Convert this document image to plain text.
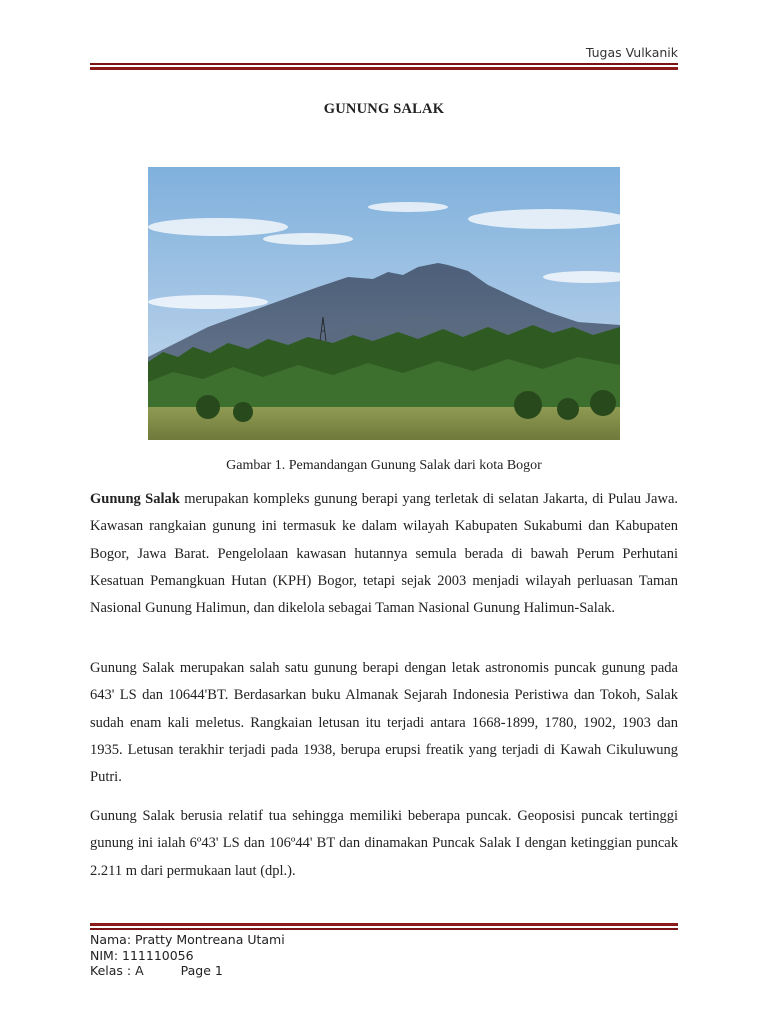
Tugas Vulkanik
GUNUNG SALAK
Gambar 1. Pemandangan Gunung Salak dari kota Bogor

Gunung Salak merupakan kompleks gunung berapi yang terletak di selatan Jakarta, di Pulau Jawa. Kawasan rangkaian gunung ini termasuk ke dalam wilayah Kabupaten Sukabumi dan Kabupaten Bogor, Jawa Barat. Pengelolaan kawasan hutannya semula berada di bawah Perum Perhutani Kesatuan Pemangkuan Hutan (KPH) Bogor, tetapi sejak 2003 menjadi wilayah perluasan Taman Nasional Gunung Halimun, dan dikelola sebagai Taman Nasional Gunung Halimun-Salak.

Gunung Salak merupakan salah satu gunung berapi dengan letak astronomis puncak gunung pada 643' LS dan 10644'BT. Berdasarkan buku Almanak Sejarah Indonesia Peristiwa dan Tokoh, Salak sudah enam kali meletus. Rangkaian letusan itu terjadi antara 1668-1899, 1780, 1902, 1903 dan 1935. Letusan terakhir terjadi pada 1938, berupa erupsi freatik yang terjadi di Kawah Cikuluwung Putri.

Gunung Salak berusia relatif tua sehingga memiliki beberapa puncak. Geoposisi puncak tertinggi gunung ini ialah 6º43' LS dan 106º44' BT dan dinamakan Puncak Salak I dengan ketinggian puncak 2.211 m dari permukaan laut (dpl.).

Nama: Pratty Montreana Utami
NIM: 111110056
Kelas : A	Page 1
